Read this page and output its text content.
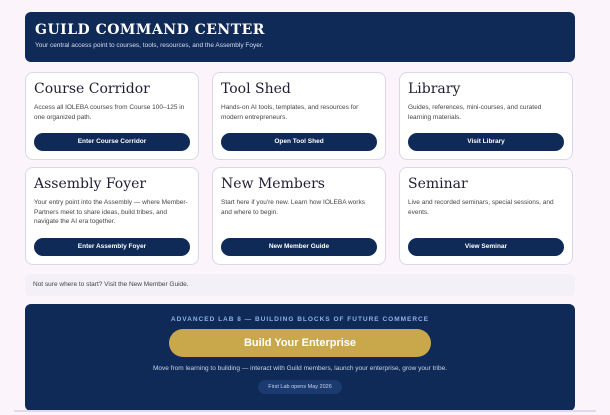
GUILD COMMAND CENTER

Your central access point to courses, tools, resources, and the Assembly Foyer.

Course Corridor

Access all IOLEBA courses from Course 100–125 in one organized path.

Enter Course Corridor
Tool Shed

Hands-on AI tools, templates, and resources for modern entrepreneurs.

Open Tool Shed
Library

Guides, references, mini-courses, and curated learning materials.

Visit Library
Assembly Foyer

Your entry point into the Assembly — where Member-Partners meet to share ideas, build tribes, and navigate the AI era together.

Enter Assembly Foyer
New Members

Start here if you're new. Learn how IOLEBA works and where to begin.

New Member Guide
Seminar

Live and recorded seminars, special sessions, and events.

View Seminar
Not sure where to start? Visit the New Member Guide.
ADVANCED LAB 8 — BUILDING BLOCKS OF FUTURE COMMERCE
Build Your Enterprise
Move from learning to building — interact with Guild members, launch your enterprise, grow your tribe.
First Lab opens May 2026
